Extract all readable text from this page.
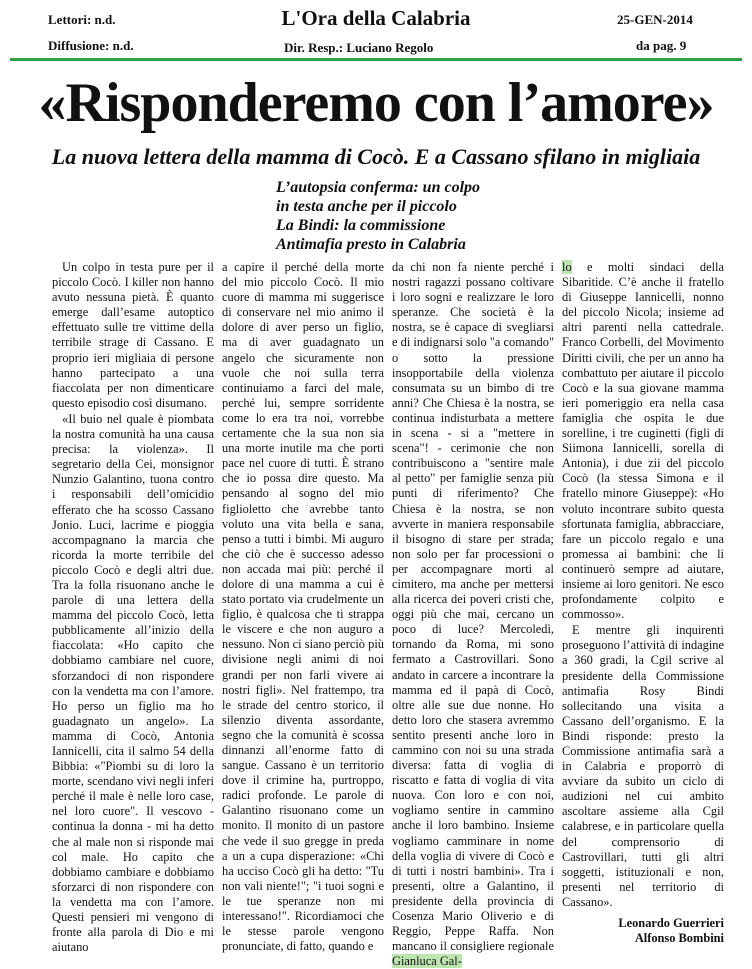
Lettori: n.d.
Diffusione: n.d.
L'Ora della Calabria
Dir. Resp.: Luciano Regolo
25-GEN-2014
da pag. 9
«Risponderemo con l’amore»
La nuova lettera della mamma di Cocò. E a Cassano sfilano in migliaia
L’autopsia conferma: un colpo
in testa anche per il piccolo
La Bindi: la commissione
Antimafia presto in Calabria

Un colpo in testa pure per il piccolo Cocò. I killer non hanno avuto nessuna pietà. È quanto emerge dall’esame autoptico effettuato sulle tre vittime della terribile strage di Cassano. E proprio ieri migliaia di persone hanno partecipato a una fiaccolata per non dimenticare questo episodio così disumano.

«Il buio nel quale è piombata la nostra comunità ha una causa precisa: la violenza». Il segretario della Cei, monsignor Nunzio Galantino, tuona contro i responsabili dell’omicidio efferato che ha scosso Cassano Jonio. Luci, lacrime e pioggia accompagnano la marcia che ricorda la morte terribile del piccolo Cocò e degli altri due. Tra la folla risuonano anche le parole di una lettera della mamma del piccolo Cocò, letta pubblicamente all’inizio della fiaccolata: «Ho capito che dobbiamo cambiare nel cuore, sforzandoci di non rispondere con la vendetta ma con l’amore. Ho perso un figlio ma ho guadagnato un angelo». La mamma di Cocò, Antonia Iannicelli, cita il salmo 54 della Bibbia: «"Piombi su di loro la morte, scendano vivi negli inferi perché il male è nelle loro case, nel loro cuore". Il vescovo - continua la donna - mi ha detto che al male non si risponde mai col male. Ho capito che dobbiamo cambiare e dobbiamo sforzarci di non rispondere con la vendetta ma con l’amore. Questi pensieri mi vengono di fronte alla parola di Dio e mi aiutano

a capire il perché della morte del mio piccolo Cocò. Il mio cuore di mamma mi suggerisce di conservare nel mio animo il dolore di aver perso un figlio, ma di aver guadagnato un angelo che sicuramente non vuole che noi sulla terra continuiamo a farci del male, perché lui, sempre sorridente come lo era tra noi, vorrebbe certamente che la sua non sia una morte inutile ma che porti pace nel cuore di tutti. È strano che io possa dire questo. Ma pensando al sogno del mio figlioletto che avrebbe tanto voluto una vita bella e sana, penso a tutti i bimbi. Mi auguro che ciò che è successo adesso non accada mai più: perché il dolore di una mamma a cui è stato portato via crudelmente un figlio, è qualcosa che ti strappa le viscere e che non auguro a nessuno. Non ci siano perciò più divisione negli animi di noi grandi per non farli vivere ai nostri figli». Nel frattempo, tra le strade del centro storico, il silenzio diventa assordante, segno che la comunità è scossa dinnanzi all’enorme fatto di sangue. Cassano è un territorio dove il crimine ha, purtroppo, radici profonde. Le parole di Galantino risuonano come un monito. Il monito di un pastore che vede il suo gregge in preda a un a cupa disperazione: «Chi ha ucciso Cocò gli ha detto: "Tu non vali niente!"; "i tuoi sogni e le tue speranze non mi interessano!". Ricordiamoci che le stesse parole vengono pronunciate, di fatto, quando e

da chi non fa niente perché i nostri ragazzi possano coltivare i loro sogni e realizzare le loro speranze. Che società è la nostra, se è capace di svegliarsi e di indignarsi solo "a comando" o sotto la pressione insopportabile della violenza consumata su un bimbo di tre anni? Che Chiesa è la nostra, se continua indisturbata a mettere in scena - si a "mettere in scena"! - cerimonie che non contribuiscono a "sentire male al petto" per famiglie senza più punti di riferimento? Che Chiesa è la nostra, se non avverte in maniera responsabile il bisogno di stare per strada; non solo per far processioni o per accompagnare morti al cimitero, ma anche per mettersi alla ricerca dei poveri cristi che, oggi più che mai, cercano un poco di luce? Mercoledì, tornando da Roma, mi sono fermato a Castrovillari. Sono andato in carcere a incontrare la mamma ed il papà di Cocò, oltre alle sue due nonne. Ho detto loro che stasera avremmo sentito presenti anche loro in cammino con noi su una strada diversa: fatta di voglia di riscatto e fatta di voglia di vita nuova. Con loro e con noi, vogliamo sentire in cammino anche il loro bambino. Insieme vogliamo camminare in nome della voglia di vivere di Cocò e di tutti i nostri bambini». Tra i presenti, oltre a Galantino, il presidente della provincia di Cosenza Mario Oliverio e di Reggio, Peppe Raffa. Non mancano il consigliere regionale Gianluca Gal-

lo e molti sindaci della Sibaritide. C’è anche il fratello di Giuseppe Iannicelli, nonno del piccolo Nicola; insieme ad altri parenti nella cattedrale. Franco Corbelli, del Movimento Diritti civili, che per un anno ha combattuto per aiutare il piccolo Cocò e la sua giovane mamma ieri pomeriggio era nella casa famiglia che ospita le due sorelline, i tre cuginetti (figli di Siimona Iannicelli, sorella di Antonia), i due zii del piccolo Cocò (la stessa Simona e il fratello minore Giuseppe): «Ho voluto incontrare subito questa sfortunata famiglia, abbracciare, fare un piccolo regalo e una promessa ai bambini: che li continuerò sempre ad aiutare, insieme ai loro genitori. Ne esco profondamente colpito e commosso».

E mentre gli inquirenti proseguono l’attività di indagine a 360 gradi, la Cgil scrive al presidente della Commissione antimafia Rosy Bindi sollecitando una visita a Cassano dell’organismo. E la Bindi risponde: presto la Commissione antimafia sarà a in Calabria e proporrò di avviare da subito un ciclo di audizioni nel cui ambito ascoltare assieme alla Cgil calabrese, e in particolare quella del comprensorio di Castrovillari, tutti gli altri soggetti, istituzionali e non, presenti nel territorio di Cassano».

Leonardo Guerrieri
Alfonso Bombini
